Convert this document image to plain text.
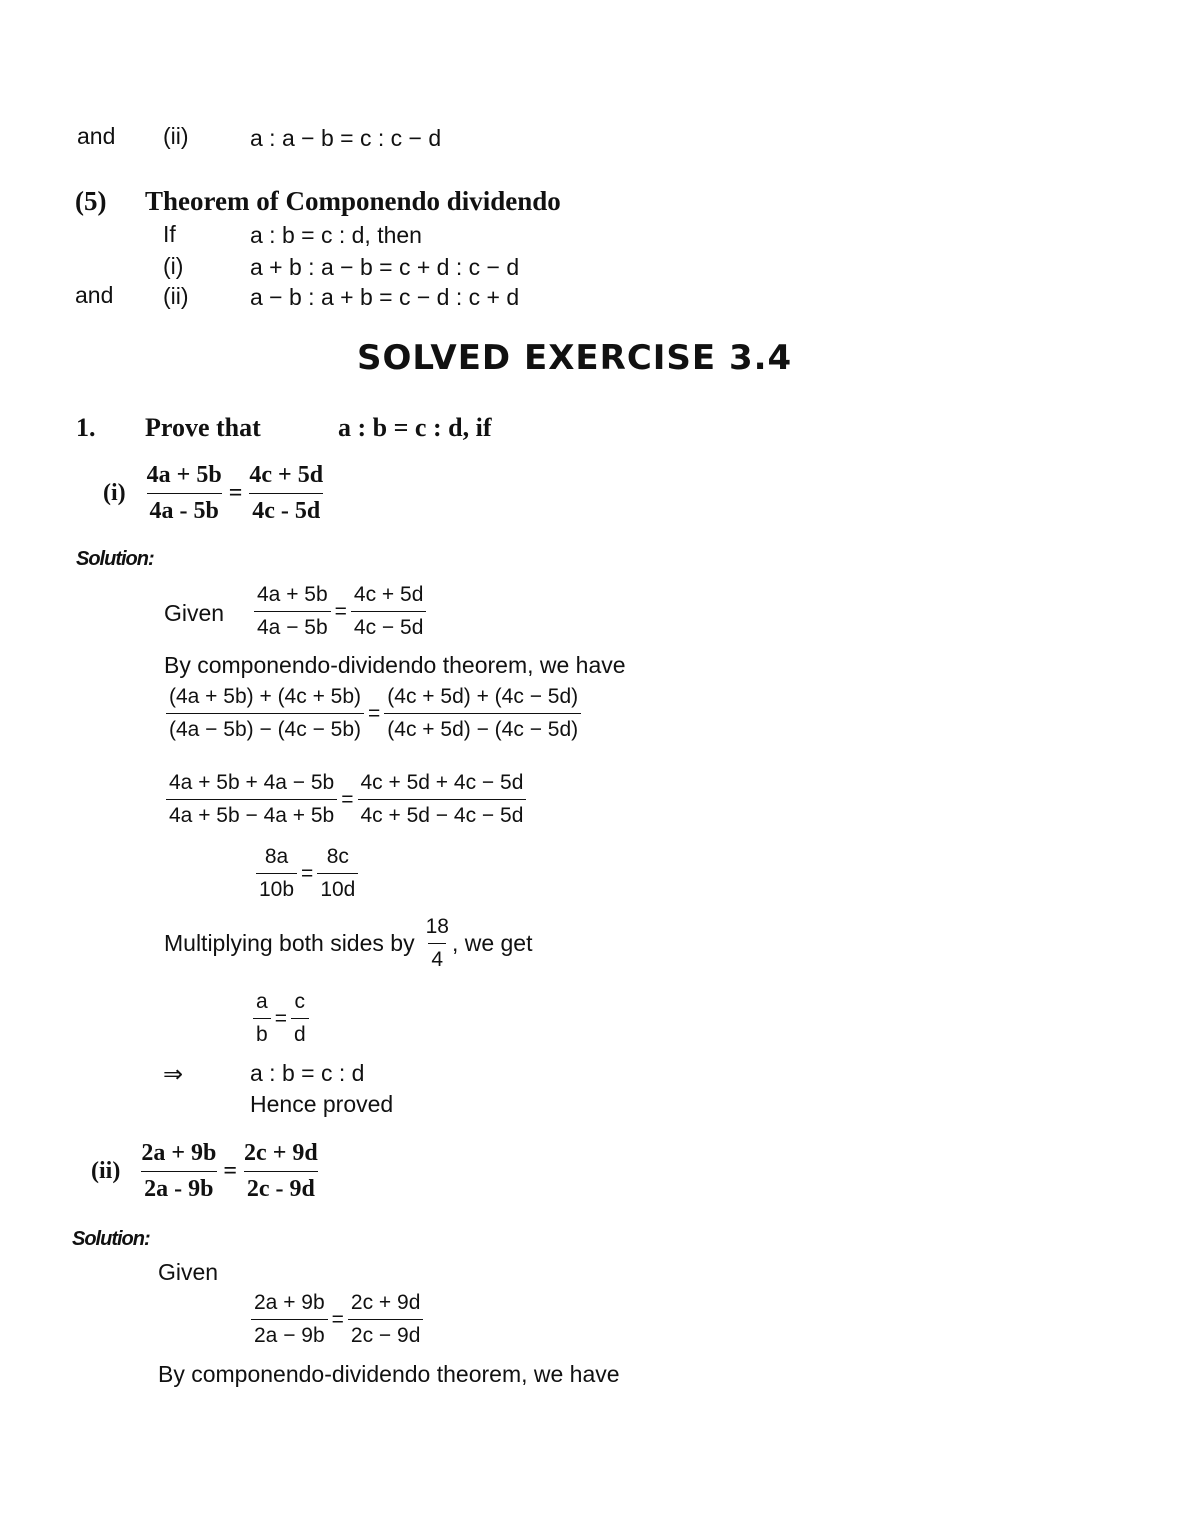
and (ii)	a : a − b = c : c − d
(5) Theorem of Componendo dividendo
If	a : b = c : d, then
(i)	a + b : a − b = c + d : c − d
and (ii)	a − b : a + b = c − d : c + d
SOLVED EXERCISE 3.4
1. Prove that	a : b = c : d, if
$(i) \frac{4a + 5b}{4a - 5b} = \frac{4c + 5d}{4c - 5d}$
Solution:
Given $\frac{4a + 5b}{4a - 5b} = \frac{4c + 5d}{4c - 5d}$
By componendo-dividendo theorem, we have
$\frac{(4a + 5b) + (4c + 5b)}{(4a - 5b) - (4c - 5b)} = \frac{(4c + 5d) + (4c - 5d)}{(4c + 5d) - (4c - 5d)}$
$\frac{4a + 5b + 4a - 5b}{4a + 5b - 4a + 5b} = \frac{4c + 5d + 4c - 5d}{4c + 5d - 4c - 5d}$
$\frac{8a}{10b} = \frac{8c}{10d}$
Multiplying both sides by $\frac{18}{4}$ , we get
$\frac{a}{b} = \frac{c}{d}$
⇒	a : b = c : d
Hence proved
$(ii) \frac{2a + 9b}{2a - 9b} = \frac{2c + 9d}{2c - 9d}$
Solution:
Given
$\frac{2a + 9b}{2a - 9b} = \frac{2c + 9d}{2c - 9d}$
By componendo-dividendo theorem, we have
